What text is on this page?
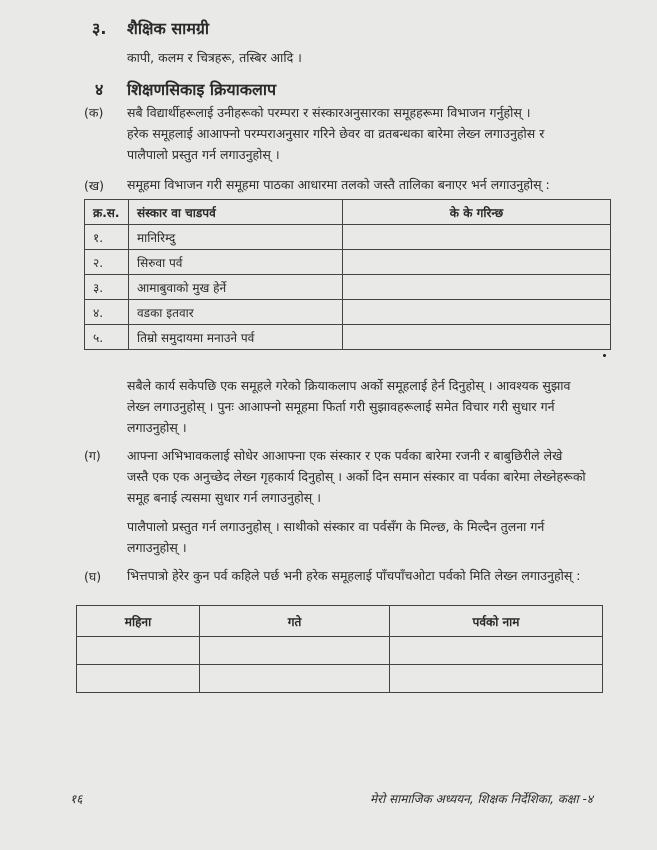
३. शैक्षिक सामग्री
कापी, कलम र चित्रहरू, तस्बिर आदि ।
४ शिक्षणसिकाइ क्रियाकलाप
(क) सबै विद्यार्थीहरूलाई उनीहरूको परम्परा र संस्कारअनुसारका समूहहरूमा विभाजन गर्नुहोस् ।
हरेक समूहलाई आआफ्नो परम्पराअनुसार गरिने छेवर वा व्रतबन्धका बारेमा लेख्न लगाउनुहोस र
पालैपालो प्रस्तुत गर्न लगाउनुहोस् ।
(ख) समूहमा विभाजन गरी समूहमा पाठका आधारमा तलको जस्तै तालिका बनाएर भर्न लगाउनुहोस् :
क्र.स.	संस्कार वा चाडपर्व	के के गरिन्छ
१.	मानिरिम्दु	
२.	सिरुवा पर्व	
३.	आमाबुवाको मुख हेर्ने	
४.	वडका इतवार	
५.	तिम्रो समुदायमा मनाउने पर्व	
सबैले कार्य सकेपछि एक समूहले गरेको क्रियाकलाप अर्को समूहलाई हेर्न दिनुहोस् । आवश्यक सुझाव
लेख्न लगाउनुहोस् । पुनः आआफ्नो समूहमा फिर्ता गरी सुझावहरूलाई समेत विचार गरी सुधार गर्न
लगाउनुहोस् ।
(ग) आफ्ना अभिभावकलाई सोधेर आआफ्ना एक संस्कार र एक पर्वका बारेमा रजनी र बाबुछिरीले लेखे
जस्तै एक एक अनुच्छेद लेख्न गृहकार्य दिनुहोस् । अर्को दिन समान संस्कार वा पर्वका बारेमा लेख्नेहरूको
समूह बनाई त्यसमा सुधार गर्न लगाउनुहोस् ।
पालैपालो प्रस्तुत गर्न लगाउनुहोस् । साथीको संस्कार वा पर्वसँग के मिल्छ, के मिल्दैन तुलना गर्न
लगाउनुहोस् ।
(घ) भित्तपात्रो हेरेर कुन पर्व कहिले पर्छ भनी हरेक समूहलाई पाँचपाँचओटा पर्वको मिति लेख्न लगाउनुहोस् :
महिना	गते	पर्वको नाम

१६	मेरो सामाजिक अध्ययन, शिक्षक निर्देशिका, कक्षा -४
